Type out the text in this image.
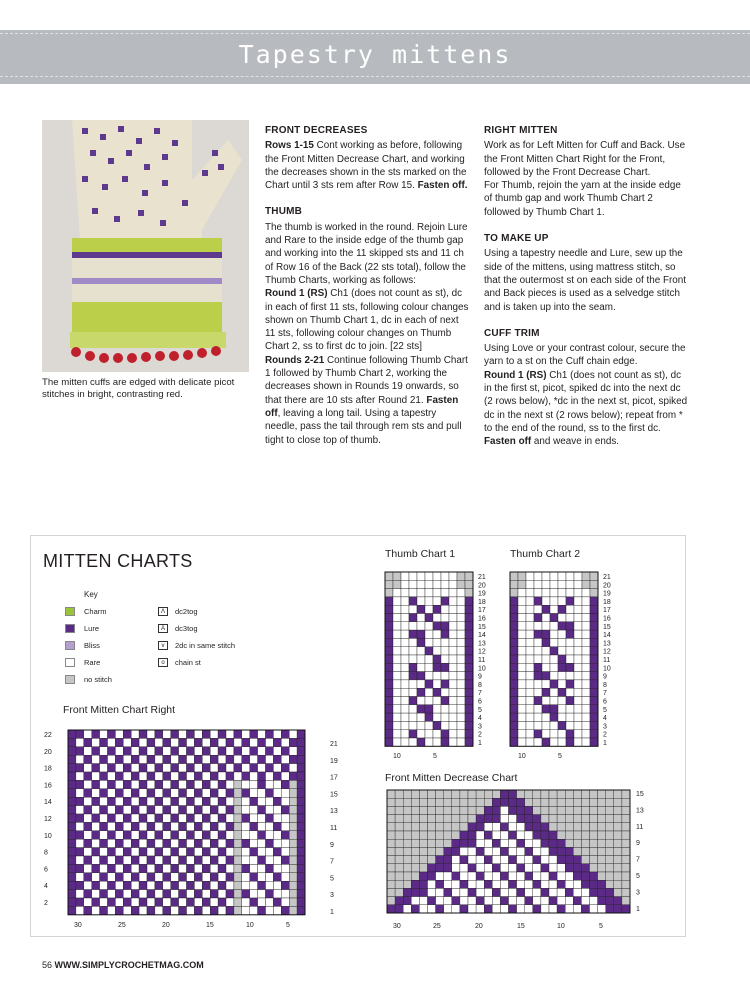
Tapestry mittens
The mitten cuffs are edged with delicate picot stitches in bright, contrasting red.
FRONT DECREASES

Rows 1-15 Cont working as before, following the Front Mitten Decrease Chart, and working the decreases shown in the sts marked on the Chart until 3 sts rem after Row 15. Fasten off.

THUMB

The thumb is worked in the round. Rejoin Lure and Rare to the inside edge of the thumb gap and working into the 11 skipped sts and 11 ch of Row 16 of the Back (22 sts total), follow the Thumb Charts, working as follows:
Round 1 (RS) Ch1 (does not count as st), dc in each of first 11 sts, following colour changes shown on Thumb Chart 1, dc in each of next 11 sts, following colour changes on Thumb Chart 2, ss to first dc to join. [22 sts]
Rounds 2-21 Continue following Thumb Chart 1 followed by Thumb Chart 2, working the decreases shown in Rounds 19 onwards, so that there are 10 sts after Round 21. Fasten off, leaving a long tail. Using a tapestry needle, pass the tail through rem sts and pull tight to close top of thumb.

RIGHT MITTEN

Work as for Left Mitten for Cuff and Back. Use the Front Mitten Chart Right for the Front, followed by the Front Decrease Chart.
For Thumb, rejoin the yarn at the inside edge of thumb gap and work Thumb Chart 2 followed by Thumb Chart 1.

TO MAKE UP

Using a tapestry needle and Lure, sew up the side of the mittens, using mattress stitch, so that the outermost st on each side of the Front and Back pieces is used as a selvedge stitch and is taken up into the seam.

CUFF TRIM

Using Love or your contrast colour, secure the yarn to a st on the Cuff chain edge.
Round 1 (RS) Ch1 (does not count as st), dc in the first st, picot, spiked dc into the next dc (2 rows below), *dc in the next st, picot, spiked dc in the next st (2 rows below); repeat from * to the end of the round, ss to the first dc. Fasten off and weave in ends.

MITTEN CHARTS
Key
Charm
Lure
Bliss
Rare
no stitch
Λ	dc2tog
Â	dc3tog
v	2dc in same stitch
o	chain st
Thumb Chart 1	Thumb Chart 2
Front Mitten Chart Right
Front Mitten Decrease Chart
21
20
19
18
17
16
15
14
13
12
11
10
9
8
7
6
5
4
3
2
1
10	5
21
20
19
18
17
16
15
14
13
12
11
10
9
8
7
6
5
4
3
2
1
10	5
22
20
18
16
14
12
10
8
6
4
2
21
19
17
15
13
11
9
7
5
3
1
30	25	20	15	10	5
15
13
11
9
7
5
3
1
30	25	20	15	10	5
56 WWW.SIMPLYCROCHETMAG.COM
